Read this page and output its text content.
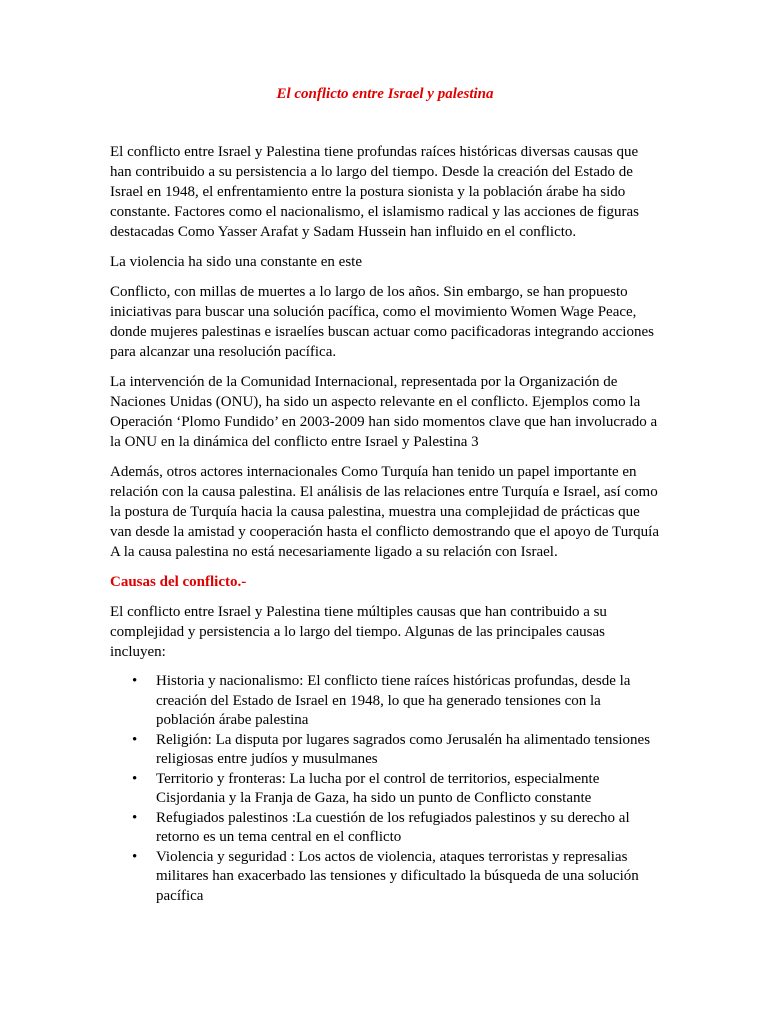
El conflicto entre Israel y palestina

El conflicto entre Israel y Palestina tiene profundas raíces históricas diversas causas que han contribuido a su persistencia a lo largo del tiempo. Desde la creación del Estado de Israel en 1948, el enfrentamiento entre la postura sionista y la población árabe ha sido constante. Factores como el nacionalismo, el islamismo radical y las acciones de figuras destacadas Como Yasser Arafat y Sadam Hussein han influido en el conflicto.

La violencia ha sido una constante en este

Conflicto, con millas de muertes a lo largo de los años. Sin embargo, se han propuesto iniciativas para buscar una solución pacífica, como el movimiento Women Wage Peace, donde mujeres palestinas e israelíes buscan actuar como pacificadoras integrando acciones para alcanzar una resolución pacífica.

La intervención de la Comunidad Internacional, representada por la Organización de Naciones Unidas (ONU), ha sido un aspecto relevante en el conflicto. Ejemplos como la Operación ‘Plomo Fundido’ en 2003-2009 han sido momentos clave que han involucrado a la ONU en la dinámica del conflicto entre Israel y Palestina 3

Además, otros actores internacionales Como Turquía han tenido un papel importante en relación con la causa palestina. El análisis de las relaciones entre Turquía e Israel, así como la postura de Turquía hacia la causa palestina, muestra una complejidad de prácticas que van desde la amistad y cooperación hasta el conflicto demostrando que el apoyo de Turquía A la causa palestina no está necesariamente ligado a su relación con Israel.

Causas del conflicto.-

El conflicto entre Israel y Palestina tiene múltiples causas que han contribuido a su complejidad y persistencia a lo largo del tiempo. Algunas de las principales causas incluyen:

• Historia y nacionalismo: El conflicto tiene raíces históricas profundas, desde la creación del Estado de Israel en 1948, lo que ha generado tensiones con la población árabe palestina
• Religión: La disputa por lugares sagrados como Jerusalén ha alimentado tensiones religiosas entre judíos y musulmanes
• Territorio y fronteras: La lucha por el control de territorios, especialmente Cisjordania y la Franja de Gaza, ha sido un punto de Conflicto constante
• Refugiados palestinos :La cuestión de los refugiados palestinos y su derecho al retorno es un tema central en el conflicto
• Violencia y seguridad : Los actos de violencia, ataques terroristas y represalias militares han exacerbado las tensiones y dificultado la búsqueda de una solución pacífica
